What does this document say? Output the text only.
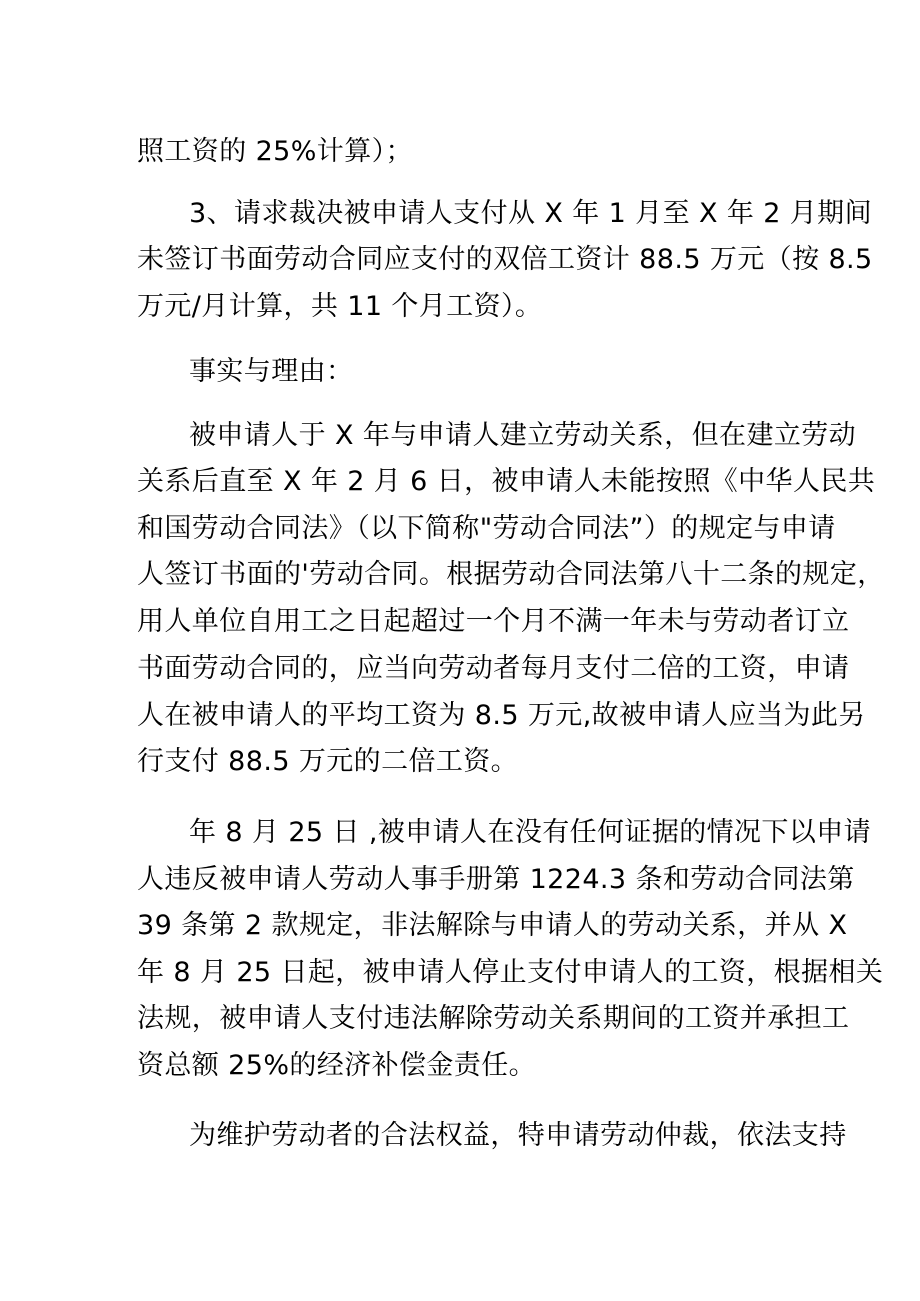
照工资的 25%计算）；
3、请求裁决被申请人支付从 X 年 1 月至 X 年 2 月期间
未签订书面劳动合同应支付的双倍工资计 88.5 万元（按 8.5
万元/月计算，共 11 个月工资）。
事实与理由：
被申请人于 X 年与申请人建立劳动关系，但在建立劳动
关系后直至 X 年 2 月 6 日，被申请人未能按照《中华人民共
和国劳动合同法》（以下简称"劳动合同法”）的规定与申请
人签订书面的'劳动合同。根据劳动合同法第八十二条的规定，
用人单位自用工之日起超过一个月不满一年未与劳动者订立
书面劳动合同的，应当向劳动者每月支付二倍的工资，申请
人在被申请人的平均工资为 8.5 万元,故被申请人应当为此另
行支付 88.5 万元的二倍工资。
年 8 月 25 日 ,被申请人在没有任何证据的情况下以申请
人违反被申请人劳动人事手册第 1224.3 条和劳动合同法第
39 条第 2 款规定，非法解除与申请人的劳动关系，并从 X
年 8 月 25 日起，被申请人停止支付申请人的工资，根据相关
法规，被申请人支付违法解除劳动关系期间的工资并承担工
资总额 25%的经济补偿金责任。
为维护劳动者的合法权益，特申请劳动仲裁，依法支持
